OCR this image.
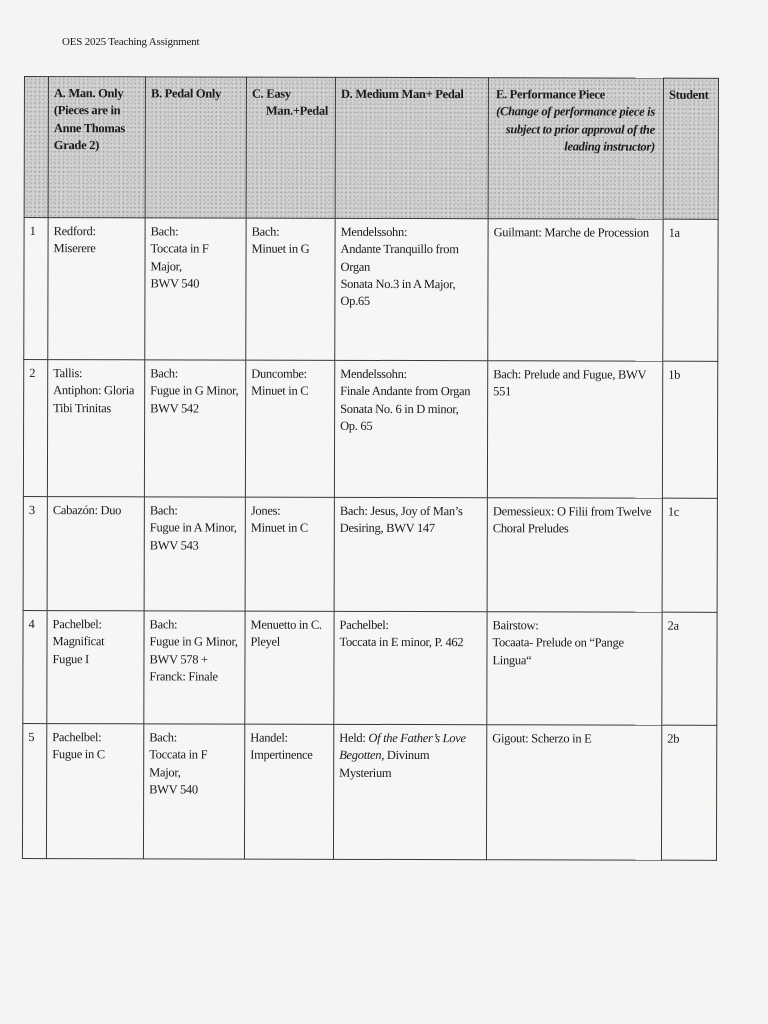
OES 2025 Teaching Assignment

	A. Man. Only
(Pieces are in
Anne Thomas
Grade 2)	B. Pedal Only	C. Easy
Man.+Pedal	D. Medium Man+ Pedal	E. Performance Piece
(Change of performance piece is subject to prior approval of the leading instructor)	Student
1	Redford:
Miserere	Bach:
Toccata in F Major,
BWV 540	Bach:
Minuet in G	Mendelssohn:
Andante Tranquillo from Organ
Sonata No.3 in A Major, Op.65	Guilmant: Marche de Procession	1a
2	Tallis:
Antiphon: Gloria
Tibi Trinitas	Bach:
Fugue in G Minor,
BWV 542	Duncombe:
Minuet in C	Mendelssohn:
Finale Andante from Organ
Sonata No. 6 in D minor,
Op. 65	Bach: Prelude and Fugue, BWV 551	1b
3	Cabazón: Duo	Bach:
Fugue in A Minor,
BWV 543	Jones:
Minuet in C	Bach: Jesus, Joy of Man’s
Desiring, BWV 147	Demessieux: O Filii from Twelve
Choral Preludes	1c
4	Pachelbel:
Magnificat
Fugue I	Bach:
Fugue in G Minor,
BWV 578 +
Franck: Finale	Menuetto in C.
Pleyel	Pachelbel:
Toccata in E minor, P. 462	Bairstow:
Tocaata- Prelude on “Pange Lingua“	2a
5	Pachelbel:
Fugue in C	Bach:
Toccata in F Major,
BWV 540	Handel:
Impertinence	Held: Of the Father’s Love
Begotten, Divinum Mysterium	Gigout: Scherzo in E	2b
